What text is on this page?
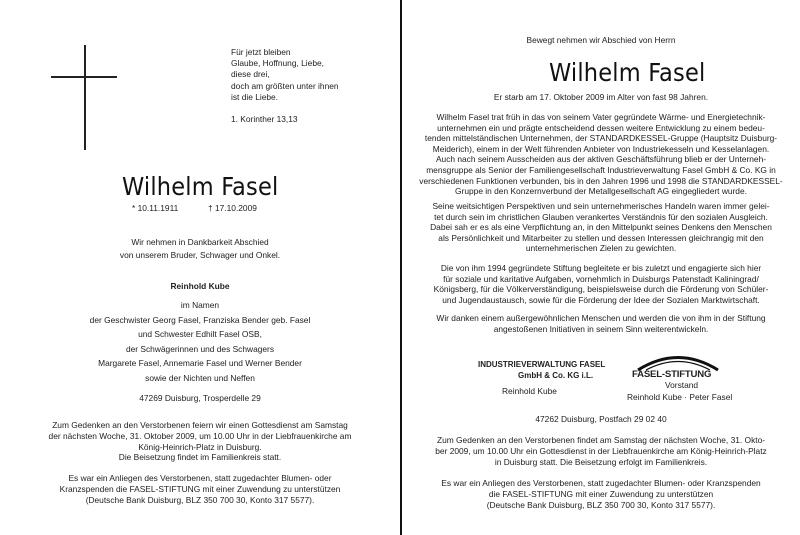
Für jetzt bleiben
Glaube, Hoffnung, Liebe,
diese drei,
doch am größten unter ihnen
ist die Liebe.
1. Korinther 13,13
Wilhelm Fasel
* 10.11.1911	† 17.10.2009
Wir nehmen in Dankbarkeit Abschied
von unserem Bruder, Schwager und Onkel.
Reinhold Kube
im Namen
der Geschwister Georg Fasel, Franziska Bender geb. Fasel
und Schwester Edhilt Fasel OSB,
der Schwägerinnen und des Schwagers
Margarete Fasel, Annemarie Fasel und Werner Bender
sowie der Nichten und Neffen
47269 Duisburg, Trosperdelle 29
Zum Gedenken an den Verstorbenen feiern wir einen Gottesdienst am Samstag
der nächsten Woche, 31. Oktober 2009, um 10.00 Uhr in der Liebfrauenkirche am
König-Heinrich-Platz in Duisburg.
Die Beisetzung findet im Familienkreis statt.
Es war ein Anliegen des Verstorbenen, statt zugedachter Blumen- oder
Kranzspenden die FASEL-STIFTUNG mit einer Zuwendung zu unterstützen
(Deutsche Bank Duisburg, BLZ 350 700 30, Konto 317 5577).
Bewegt nehmen wir Abschied von Herrn
Wilhelm Fasel
Er starb am 17. Oktober 2009 im Alter von fast 98 Jahren.
Wilhelm Fasel trat früh in das von seinem Vater gegründete Wärme- und Energietechnik-
unternehmen ein und prägte entscheidend dessen weitere Entwicklung zu einem bedeu-
tenden mittelständischen Unternehmen, der STANDARDKESSEL-Gruppe (Hauptsitz Duisburg-
Meiderich), einem in der Welt führenden Anbieter von Industriekesseln und Kesselanlagen.
Auch nach seinem Ausscheiden aus der aktiven Geschäftsführung blieb er der Unterneh-
mensgruppe als Senior der Familiengesellschaft Industrieverwaltung Fasel GmbH & Co. KG in
verschiedenen Funktionen verbunden, bis in den Jahren 1996 und 1998 die STANDARDKESSEL-
Gruppe in den Konzernverbund der Metallgesellschaft AG eingegliedert wurde.
Seine weitsichtigen Perspektiven und sein unternehmerisches Handeln waren immer gelei-
tet durch sein im christlichen Glauben verankertes Verständnis für den sozialen Ausgleich.
Dabei sah er es als eine Verpflichtung an, in den Mittelpunkt seines Denkens den Menschen
als Persönlichkeit und Mitarbeiter zu stellen und dessen Interessen gleichrangig mit den
unternehmerischen Zielen zu gewichten.
Die von ihm 1994 gegründete Stiftung begleitete er bis zuletzt und engagierte sich hier
für soziale und karitative Aufgaben, vornehmlich in Duisburgs Patenstadt Kaliningrad/
Königsberg, für die Völkerverständigung, beispielsweise durch die Förderung von Schüler-
und Jugendaustausch, sowie für die Förderung der Idee der Sozialen Marktwirtschaft.
Wir danken einem außergewöhnlichen Menschen und werden die von ihm in der Stiftung
angestoßenen Initiativen in seinem Sinn weiterentwickeln.
INDUSTRIEVERWALTUNG FASEL
GmbH & Co. KG i.L.
Reinhold Kube
FASEL-STIFTUNG
Vorstand
Reinhold Kube · Peter Fasel
47262 Duisburg, Postfach 29 02 40
Zum Gedenken an den Verstorbenen findet am Samstag der nächsten Woche, 31. Okto-
ber 2009, um 10.00 Uhr ein Gottesdienst in der Liebfrauenkirche am König-Heinrich-Platz
in Duisburg statt. Die Beisetzung erfolgt im Familienkreis.
Es war ein Anliegen des Verstorbenen, statt zugedachter Blumen- oder Kranzspenden
die FASEL-STIFTUNG mit einer Zuwendung zu unterstützen
(Deutsche Bank Duisburg, BLZ 350 700 30, Konto 317 5577).
